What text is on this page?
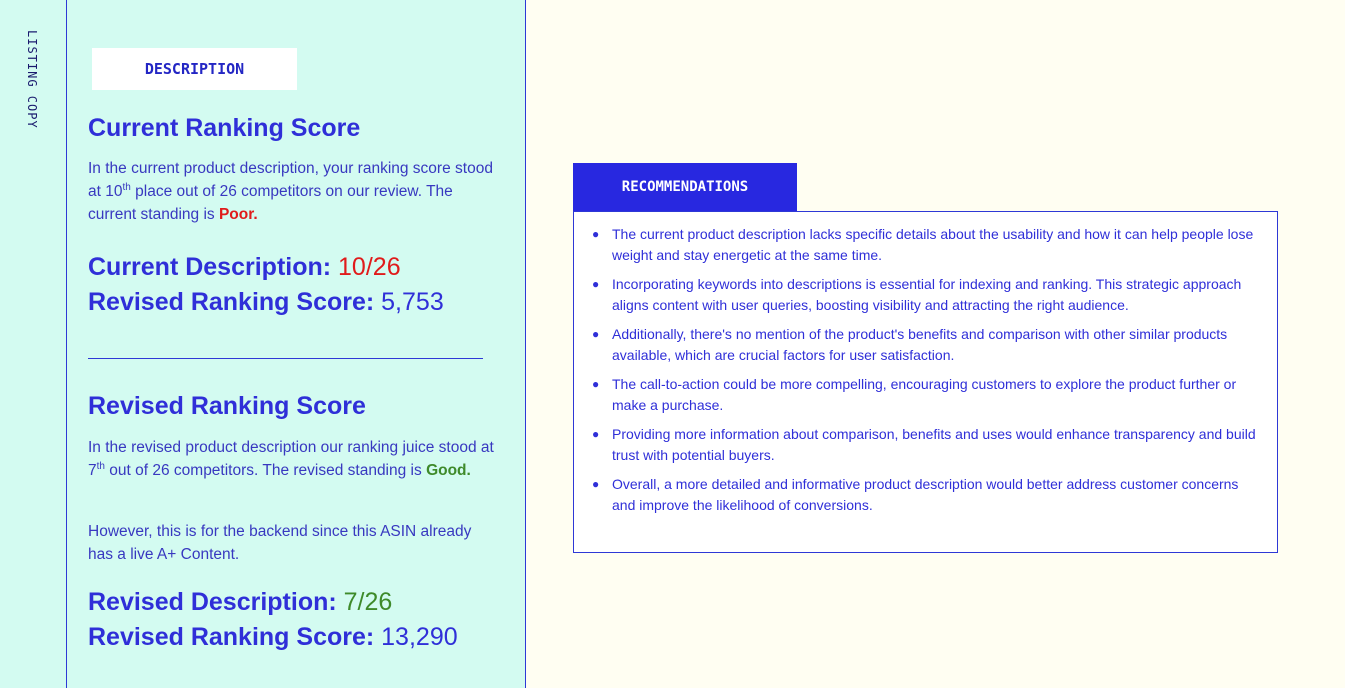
LISTING COPY	DESCRIPTION
Current Ranking Score

In the current product description, your ranking score stood at 10th place out of 26 competitors on our review. The current standing is Poor.

Current Description: 10/26

Revised Ranking Score: 5,753

Revised Ranking Score

In the revised product description our ranking juice stood at 7th out of 26 competitors. The revised standing is Good.

However, this is for the backend since this ASIN already has a live A+ Content.

Revised Description: 7/26

Revised Ranking Score: 13,290

RECOMMENDATIONS
● The current product description lacks specific details about the usability and how it can help people lose weight and stay energetic at the same time.
● Incorporating keywords into descriptions is essential for indexing and ranking. This strategic approach aligns content with user queries, boosting visibility and attracting the right audience.
● Additionally, there's no mention of the product's benefits and comparison with other similar products available, which are crucial factors for user satisfaction.
● The call-to-action could be more compelling, encouraging customers to explore the product further or make a purchase.
● Providing more information about comparison, benefits and uses would enhance transparency and build trust with potential buyers.
● Overall, a more detailed and informative product description would better address customer concerns and improve the likelihood of conversions.
